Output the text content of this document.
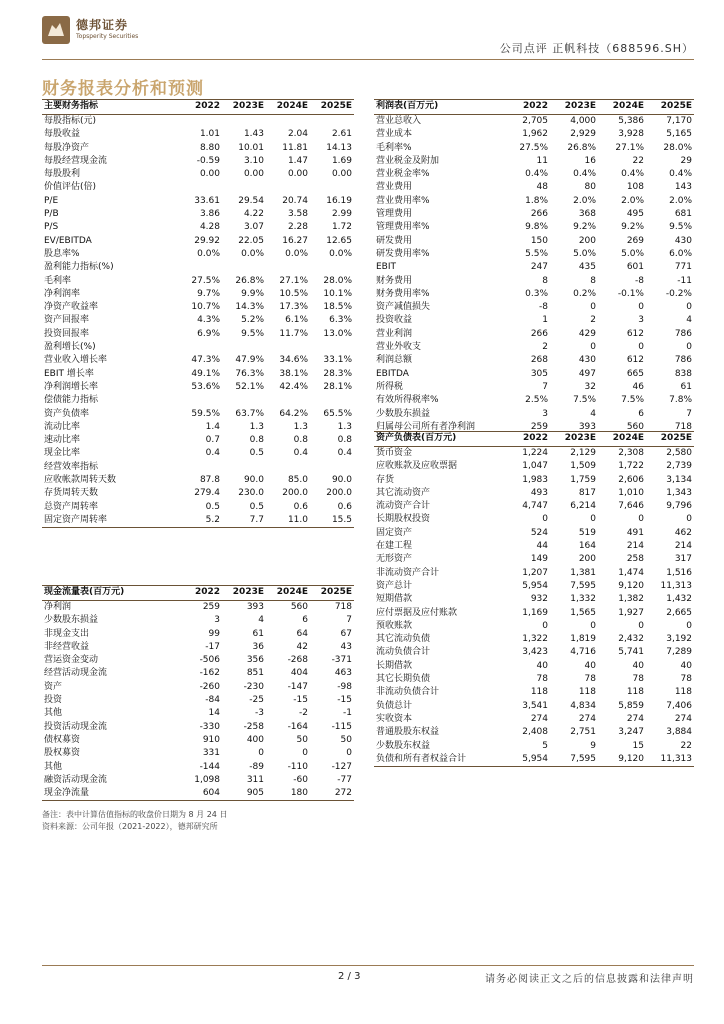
德邦证券
Topsperity Securities
公司点评 正帆科技（688596.SH）
财务报表分析和预测
主要财务指标	2022	2023E	2024E	2025E
每股指标(元)				
每股收益	1.01	1.43	2.04	2.61
每股净资产	8.80	10.01	11.81	14.13
每股经营现金流	-0.59	3.10	1.47	1.69
每股股利	0.00	0.00	0.00	0.00
价值评估(倍)				
P/E	33.61	29.54	20.74	16.19
P/B	3.86	4.22	3.58	2.99
P/S	4.28	3.07	2.28	1.72
EV/EBITDA	29.92	22.05	16.27	12.65
股息率%	0.0%	0.0%	0.0%	0.0%
盈利能力指标(%)				
毛利率	27.5%	26.8%	27.1%	28.0%
净利润率	9.7%	9.9%	10.5%	10.1%
净资产收益率	10.7%	14.3%	17.3%	18.5%
资产回报率	4.3%	5.2%	6.1%	6.3%
投资回报率	6.9%	9.5%	11.7%	13.0%
盈利增长(%)				
营业收入增长率	47.3%	47.9%	34.6%	33.1%
EBIT 增长率	49.1%	76.3%	38.1%	28.3%
净利润增长率	53.6%	52.1%	42.4%	28.1%
偿债能力指标				
资产负债率	59.5%	63.7%	64.2%	65.5%
流动比率	1.4	1.3	1.3	1.3
速动比率	0.7	0.8	0.8	0.8
现金比率	0.4	0.5	0.4	0.4
经营效率指标				
应收帐款周转天数	87.8	90.0	85.0	90.0
存货周转天数	279.4	230.0	200.0	200.0
总资产周转率	0.5	0.5	0.6	0.6
固定资产周转率	5.2	7.7	11.0	15.5
现金流量表(百万元)	2022	2023E	2024E	2025E
净利润	259	393	560	718
少数股东损益	3	4	6	7
非现金支出	99	61	64	67
非经营收益	-17	36	42	43
营运资金变动	-506	356	-268	-371
经营活动现金流	-162	851	404	463
资产	-260	-230	-147	-98
投资	-84	-25	-15	-15
其他	14	-3	-2	-1
投资活动现金流	-330	-258	-164	-115
债权募资	910	400	50	50
股权募资	331	0	0	0
其他	-144	-89	-110	-127
融资活动现金流	1,098	311	-60	-77
现金净流量	604	905	180	272
利润表(百万元)	2022	2023E	2024E	2025E
营业总收入	2,705	4,000	5,386	7,170
营业成本	1,962	2,929	3,928	5,165
毛利率%	27.5%	26.8%	27.1%	28.0%
营业税金及附加	11	16	22	29
营业税金率%	0.4%	0.4%	0.4%	0.4%
营业费用	48	80	108	143
营业费用率%	1.8%	2.0%	2.0%	2.0%
管理费用	266	368	495	681
管理费用率%	9.8%	9.2%	9.2%	9.5%
研发费用	150	200	269	430
研发费用率%	5.5%	5.0%	5.0%	6.0%
EBIT	247	435	601	771
财务费用	8	8	-8	-11
财务费用率%	0.3%	0.2%	-0.1%	-0.2%
资产减值损失	-8	0	0	0
投资收益	1	2	3	4
营业利润	266	429	612	786
营业外收支	2	0	0	0
利润总额	268	430	612	786
EBITDA	305	497	665	838
所得税	7	32	46	61
有效所得税率%	2.5%	7.5%	7.5%	7.8%
少数股东损益	3	4	6	7
归属母公司所有者净利润	259	393	560	718
资产负债表(百万元)	2022	2023E	2024E	2025E
货币资金	1,224	2,129	2,308	2,580
应收账款及应收票据	1,047	1,509	1,722	2,739
存货	1,983	1,759	2,606	3,134
其它流动资产	493	817	1,010	1,343
流动资产合计	4,747	6,214	7,646	9,796
长期股权投资	0	0	0	0
固定资产	524	519	491	462
在建工程	44	164	214	214
无形资产	149	200	258	317
非流动资产合计	1,207	1,381	1,474	1,516
资产总计	5,954	7,595	9,120	11,313
短期借款	932	1,332	1,382	1,432
应付票据及应付账款	1,169	1,565	1,927	2,665
预收账款	0	0	0	0
其它流动负债	1,322	1,819	2,432	3,192
流动负债合计	3,423	4,716	5,741	7,289
长期借款	40	40	40	40
其它长期负债	78	78	78	78
非流动负债合计	118	118	118	118
负债总计	3,541	4,834	5,859	7,406
实收资本	274	274	274	274
普通股股东权益	2,408	2,751	3,247	3,884
少数股东权益	5	9	15	22
负债和所有者权益合计	5,954	7,595	9,120	11,313
备注：表中计算估值指标的收盘价日期为 8 月 24 日
资料来源：公司年报（2021-2022），德邦研究所
2 / 3	请务必阅读正文之后的信息披露和法律声明
